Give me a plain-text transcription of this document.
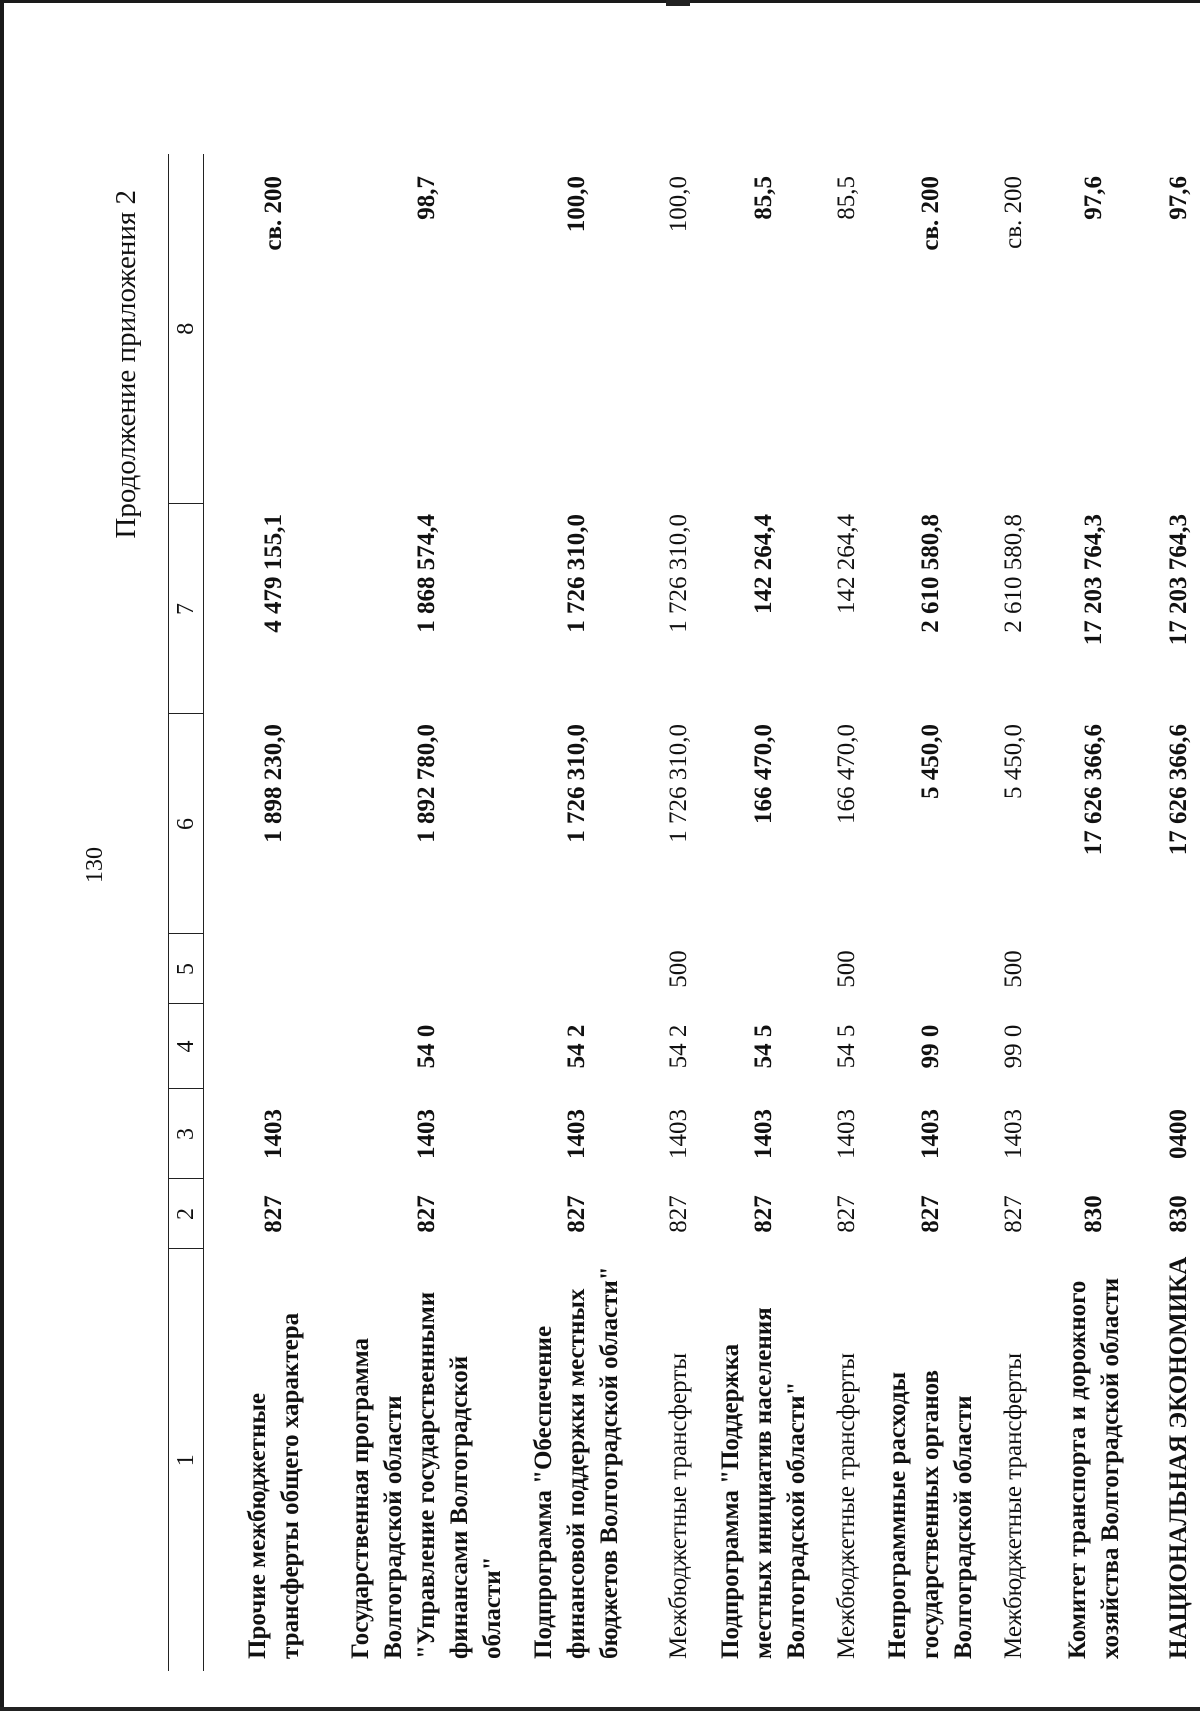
130
Продолжение приложения 2
1	2	3	4	5	6	7	8
Прочие межбюджетные трансферты общего характера	827	1403			1 898 230,0	4 479 155,1	св. 200
Государственная программа Волгоградской области "Управление государственными финансами Волгоградской области"	827	1403	54 0		1 892 780,0	1 868 574,4	98,7
Подпрограмма "Обеспечение финансовой поддержки местных бюджетов Волгоградской области"	827	1403	54 2		1 726 310,0	1 726 310,0	100,0
Межбюджетные трансферты	827	1403	54 2	500	1 726 310,0	1 726 310,0	100,0
Подпрограмма "Поддержка местных инициатив населения Волгоградской области"	827	1403	54 5		166 470,0	142 264,4	85,5
Межбюджетные трансферты	827	1403	54 5	500	166 470,0	142 264,4	85,5
Непрограммные расходы государственных органов Волгоградской области	827	1403	99 0		5 450,0	2 610 580,8	св. 200
Межбюджетные трансферты	827	1403	99 0	500	5 450,0	2 610 580,8	св. 200
Комитет транспорта и дорожного хозяйства Волгоградской области	830				17 626 366,6	17 203 764,3	97,6
НАЦИОНАЛЬНАЯ ЭКОНОМИКА	830	0400			17 626 366,6	17 203 764,3	97,6
